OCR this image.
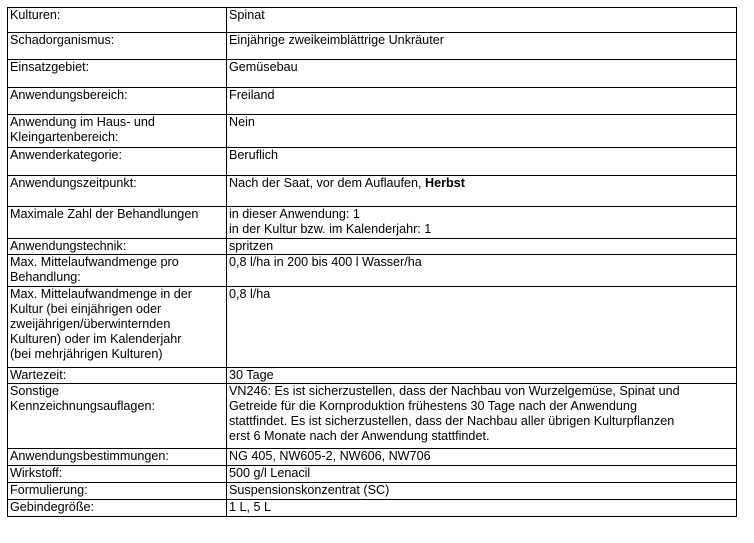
Kulturen:	Spinat
Schadorganismus:	Einjährige zweikeimblättrige Unkräuter
Einsatzgebiet:	Gemüsebau
Anwendungsbereich:	Freiland

Anwendung im Haus- und
Kleingartenbereich:	Nein
Anwenderkategorie:	Beruflich
Anwendungszeitpunkt:	Nach der Saat, vor dem Auflaufen, Herbst
Maximale Zahl der Behandlungen	in dieser Anwendung: 1
in der Kultur bzw. im Kalenderjahr: 1

Anwendungstechnik:	spritzen

Max. Mittelaufwandmenge pro
Behandlung:	0,8 l/ha in 200 bis 400 l Wasser/ha

Max. Mittelaufwandmenge in der
Kultur (bei einjährigen oder
zweijährigen/überwinternden
Kulturen) oder im Kalenderjahr
(bei mehrjährigen Kulturen)	0,8 l/ha
Wartezeit:	30 Tage

Sonstige
Kennzeichnungsauflagen:	VN246: Es ist sicherzustellen, dass der Nachbau von Wurzelgemüse, Spinat und
Getreide für die Kornproduktion frühestens 30 Tage nach der Anwendung
stattfindet. Es ist sicherzustellen, dass der Nachbau aller übrigen Kulturpflanzen
erst 6 Monate nach der Anwendung stattfindet.

Anwendungsbestimmungen:	NG 405, NW605-2, NW606, NW706
Wirkstoff:	500 g/l Lenacil
Formulierung:	Suspensionskonzentrat (SC)
Gebindegröße:	1 L, 5 L
